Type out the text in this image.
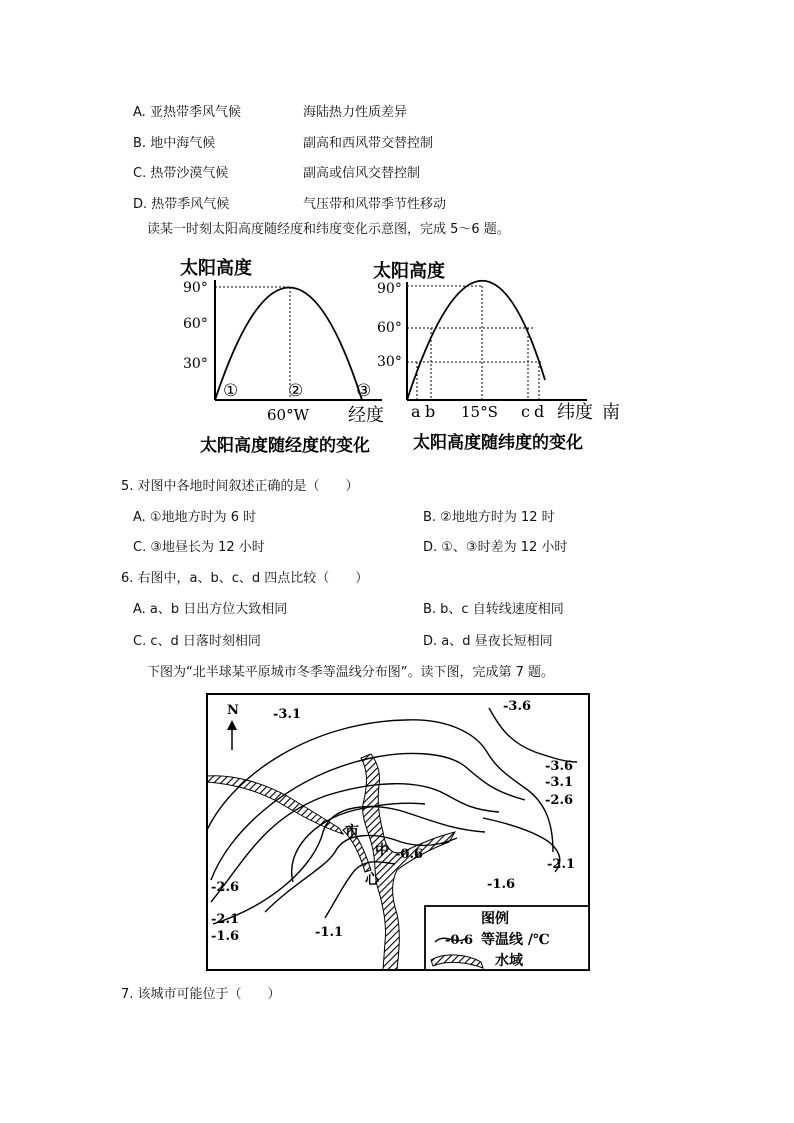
A. 亚热带季风气候	海陆热力性质差异
B. 地中海气候	副高和西风带交替控制
C. 热带沙漠气候	副高或信风交替控制
D. 热带季风气候	气压带和风带季节性移动
读某一时刻太阳高度随经度和纬度变化示意图，完成 5～6 题。
太阳高度
90°
60°
30°
①	②	③
60°W 经度
太阳高度随经度的变化
太阳高度
90°
60°
30°
a b 15°S c d 纬度 南
太阳高度随纬度的变化
5. 对图中各地时间叙述正确的是（　　）
A. ①地地方时为 6 时	B. ②地地方时为 12 时
C. ③地昼长为 12 小时	D. ①、③时差为 12 小时
6. 右图中，a、b、c、d 四点比较（　　）
A. a、b 日出方位大致相同	B. b、c 自转线速度相同
C. c、d 日落时刻相同	D. a、d 昼夜长短相同
下图为“北半球某平原城市冬季等温线分布图”。读下图，完成第 7 题。
N	-3.1
-3.6
-3.6
-3.1
-2.6
-2.1
-1.6
-0.6
-2.6
-2.1
-1.6	-1.1
市
中
心
图例
-0.6 等温线 /℃
水域
7. 该城市可能位于（　　）
